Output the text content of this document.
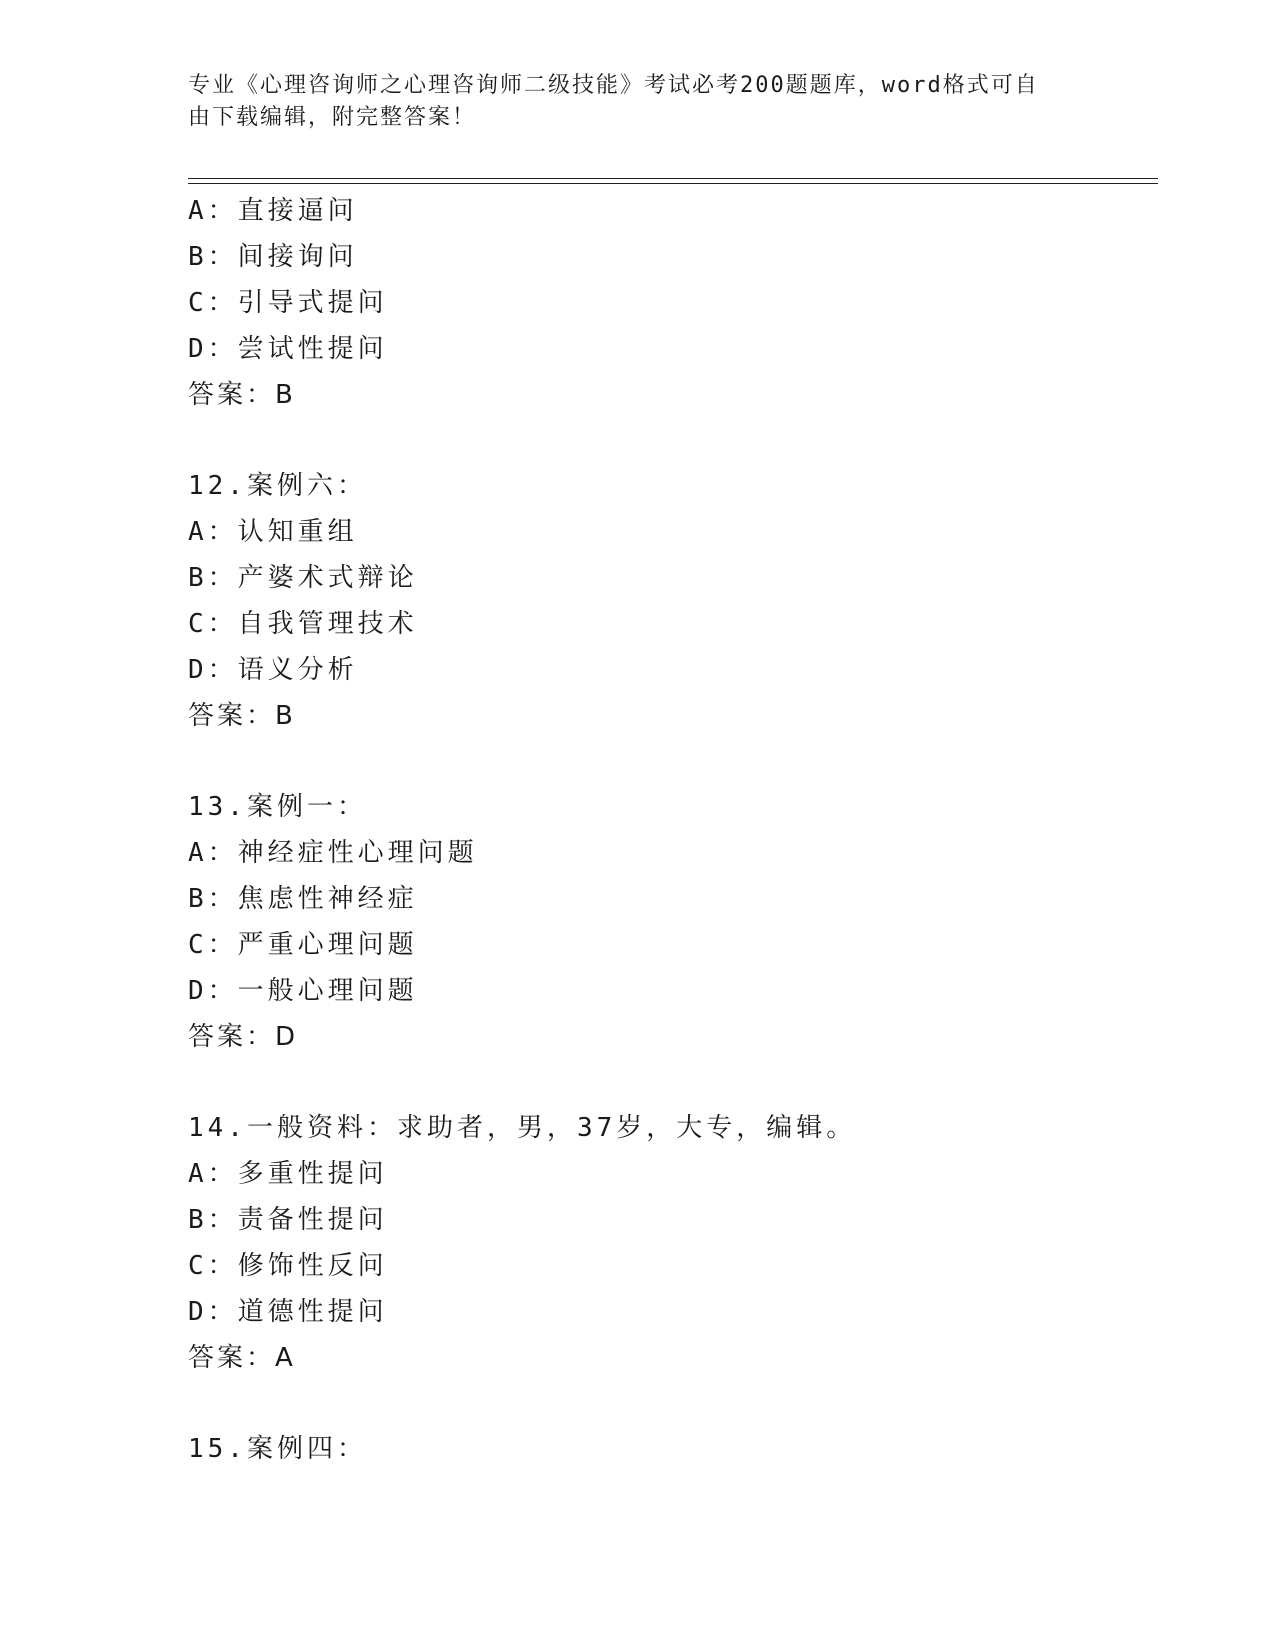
专业《心理咨询师之心理咨询师二级技能》考试必考200题题库，word格式可自
由下载编辑，附完整答案！
A：直接逼问
B：间接询问
C：引导式提问
D：尝试性提问
答案：B
12.案例六：
A：认知重组
B：产婆术式辩论
C：自我管理技术
D：语义分析
答案：B
13.案例一：
A：神经症性心理问题
B：焦虑性神经症
C：严重心理问题
D：一般心理问题
答案：D
14.一般资料：求助者，男，37岁，大专，编辑。
A：多重性提问
B：责备性提问
C：修饰性反问
D：道德性提问
答案：A
15.案例四：
